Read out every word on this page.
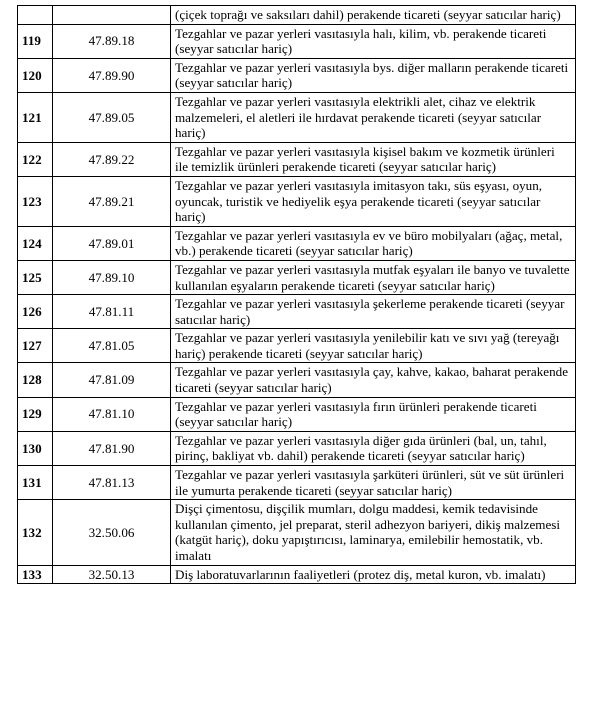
		(çiçek toprağı ve saksıları dahil) perakende ticareti (seyyar satıcılar hariç)
119	47.89.18	Tezgahlar ve pazar yerleri vasıtasıyla halı, kilim, vb. perakende ticareti (seyyar satıcılar hariç)
120	47.89.90	Tezgahlar ve pazar yerleri vasıtasıyla bys. diğer malların perakende ticareti (seyyar satıcılar hariç)
121	47.89.05	Tezgahlar ve pazar yerleri vasıtasıyla elektrikli alet, cihaz ve elektrik malzemeleri, el aletleri ile hırdavat perakende ticareti (seyyar satıcılar hariç)
122	47.89.22	Tezgahlar ve pazar yerleri vasıtasıyla kişisel bakım ve kozmetik ürünleri ile temizlik ürünleri perakende ticareti (seyyar satıcılar hariç)
123	47.89.21	Tezgahlar ve pazar yerleri vasıtasıyla imitasyon takı, süs eşyası, oyun, oyuncak, turistik ve hediyelik eşya perakende ticareti (seyyar satıcılar hariç)
124	47.89.01	Tezgahlar ve pazar yerleri vasıtasıyla ev ve büro mobilyaları (ağaç, metal, vb.) perakende ticareti (seyyar satıcılar hariç)
125	47.89.10	Tezgahlar ve pazar yerleri vasıtasıyla mutfak eşyaları ile banyo ve tuvalette kullanılan eşyaların perakende ticareti (seyyar satıcılar hariç)
126	47.81.11	Tezgahlar ve pazar yerleri vasıtasıyla şekerleme perakende ticareti (seyyar satıcılar hariç)
127	47.81.05	Tezgahlar ve pazar yerleri vasıtasıyla yenilebilir katı ve sıvı yağ (tereyağı hariç) perakende ticareti (seyyar satıcılar hariç)
128	47.81.09	Tezgahlar ve pazar yerleri vasıtasıyla çay, kahve, kakao, baharat perakende ticareti (seyyar satıcılar hariç)
129	47.81.10	Tezgahlar ve pazar yerleri vasıtasıyla fırın ürünleri perakende ticareti (seyyar satıcılar hariç)
130	47.81.90	Tezgahlar ve pazar yerleri vasıtasıyla diğer gıda ürünleri (bal, un, tahıl, pirinç, bakliyat vb. dahil) perakende ticareti (seyyar satıcılar hariç)
131	47.81.13	Tezgahlar ve pazar yerleri vasıtasıyla şarküteri ürünleri, süt ve süt ürünleri ile yumurta perakende ticareti (seyyar satıcılar hariç)
132	32.50.06	Dişçi çimentosu, dişçilik mumları, dolgu maddesi, kemik tedavisinde kullanılan çimento, jel preparat, steril adhezyon bariyeri, dikiş malzemesi (katgüt hariç), doku yapıştırıcısı, laminarya, emilebilir hemostatik, vb. imalatı
133	32.50.13	Diş laboratuvarlarının faaliyetleri (protez diş, metal kuron, vb. imalatı)
